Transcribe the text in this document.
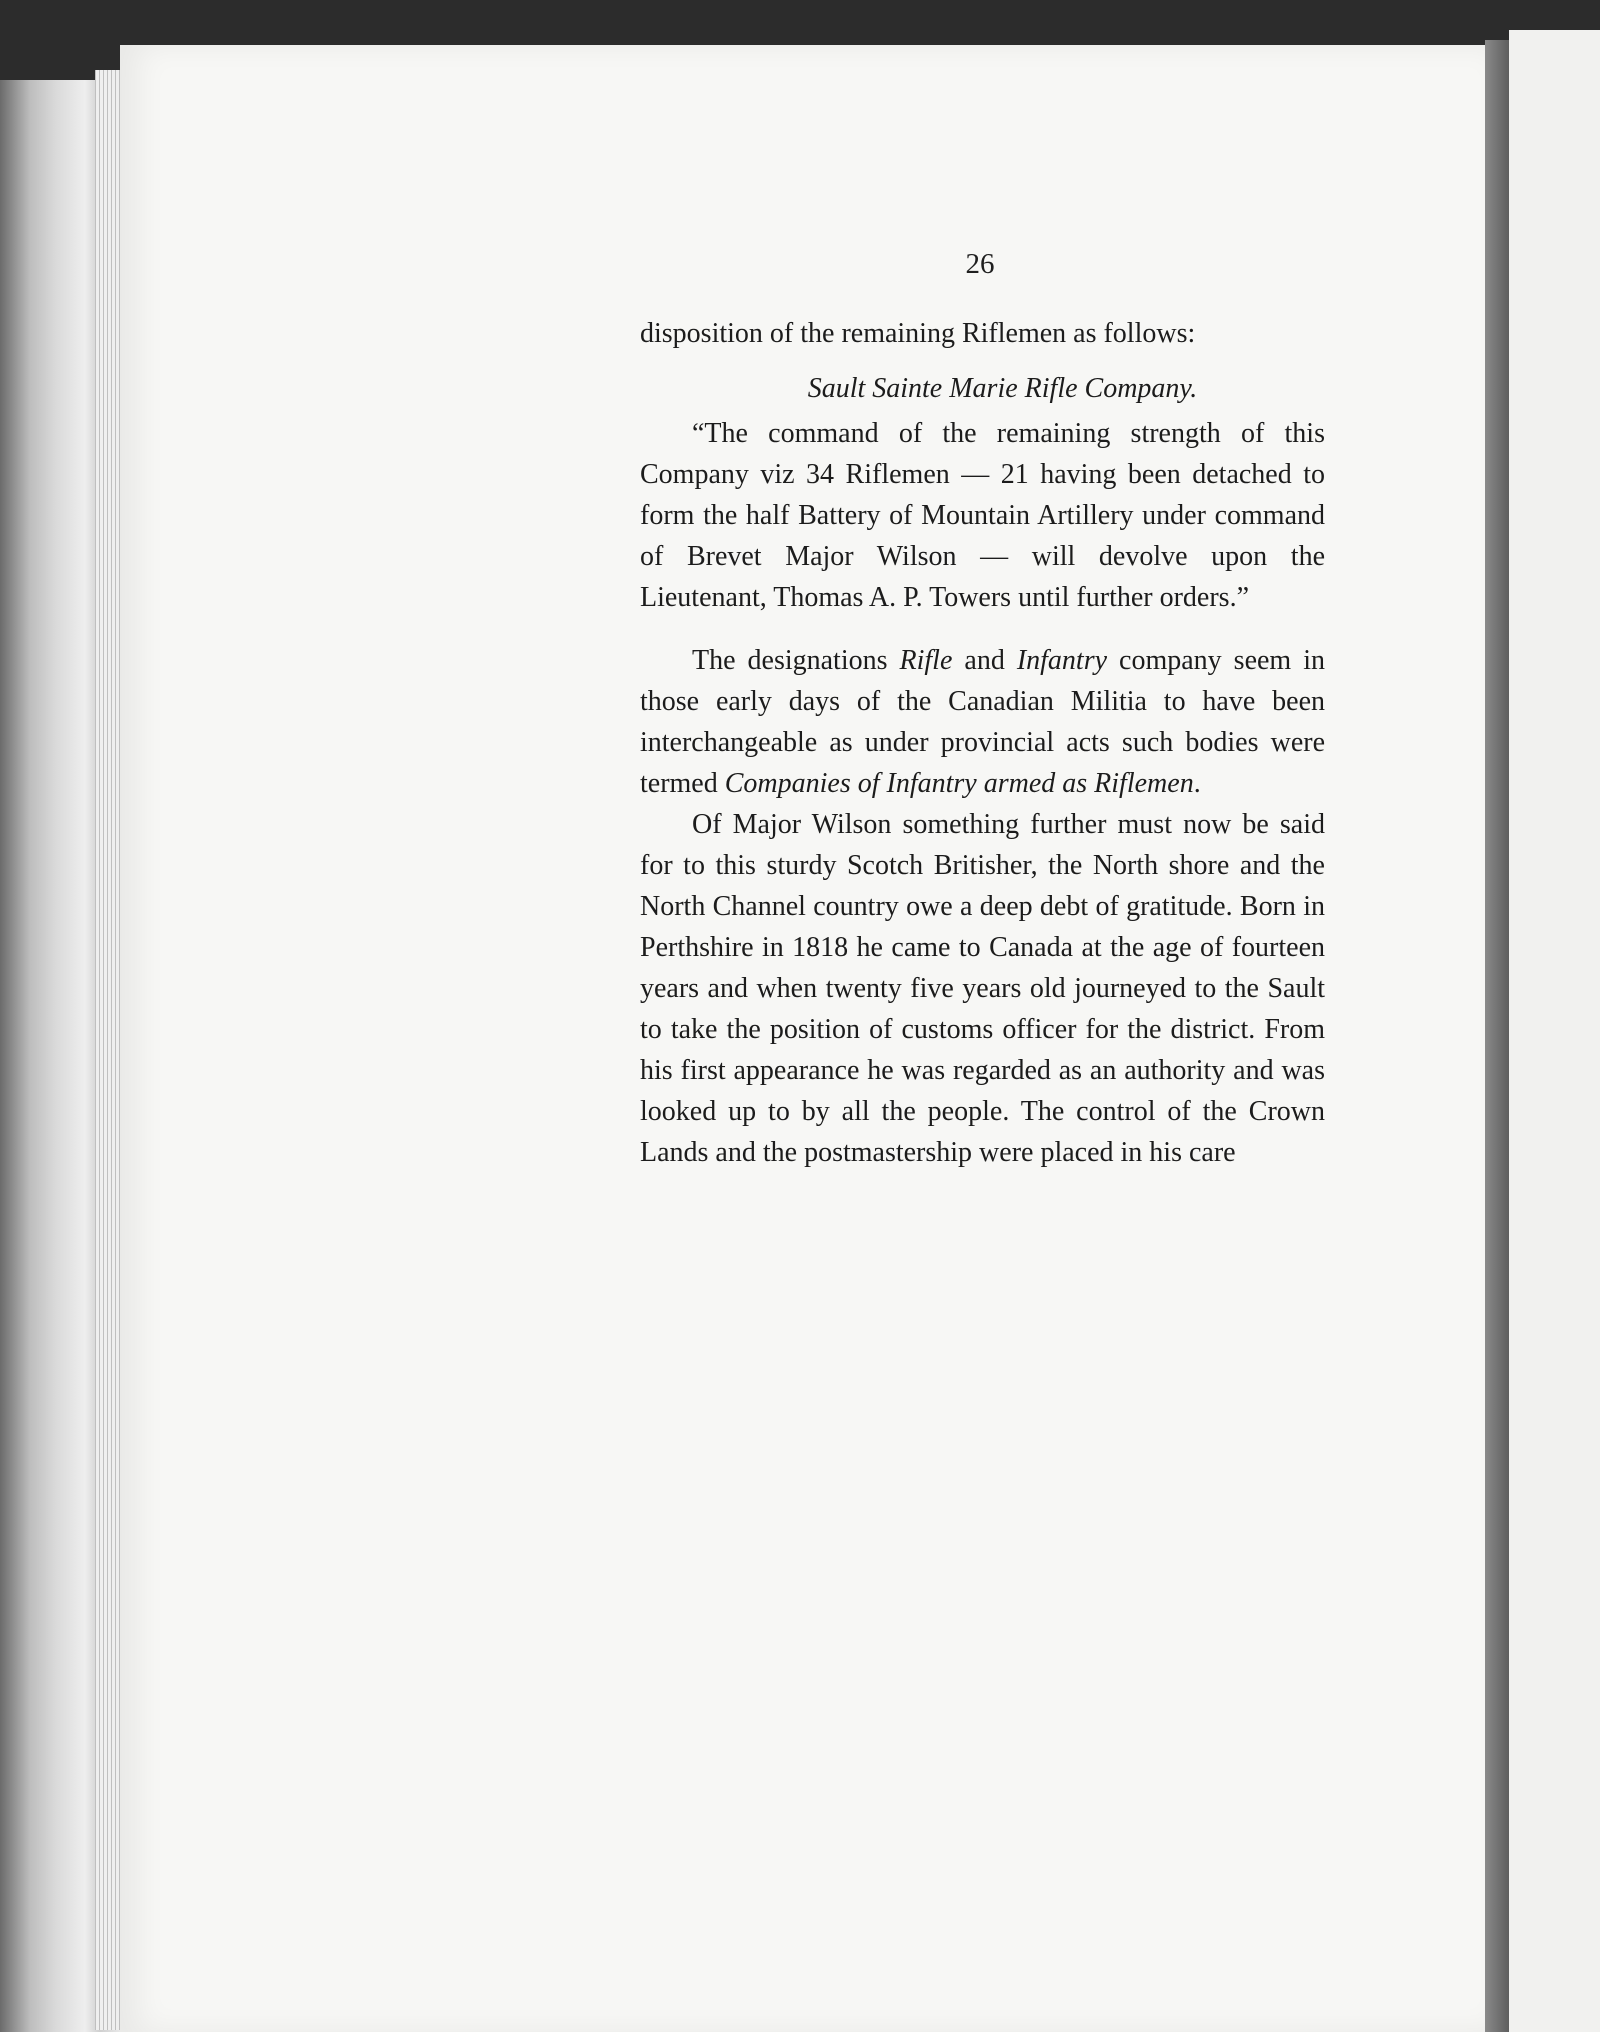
26

disposition of the remaining Riflemen as follows:

Sault Sainte Marie Rifle Company.

“The command of the remaining strength of this Company viz 34 Riflemen — 21 having been detached to form the half Battery of Mountain Artillery under command of Brevet Major Wilson — will devolve upon the Lieutenant, Thomas A. P. Towers until further orders.”

The designations Rifle and Infantry company seem in those early days of the Canadian Militia to have been interchangeable as under provincial acts such bodies were termed Companies of Infantry armed as Riflemen.

Of Major Wilson something further must now be said for to this sturdy Scotch Britisher, the North shore and the North Channel country owe a deep debt of gratitude. Born in Perthshire in 1818 he came to Canada at the age of fourteen years and when twenty five years old journeyed to the Sault to take the position of customs officer for the district. From his first appearance he was regarded as an authority and was looked up to by all the people. The control of the Crown Lands and the postmastership were placed in his care
